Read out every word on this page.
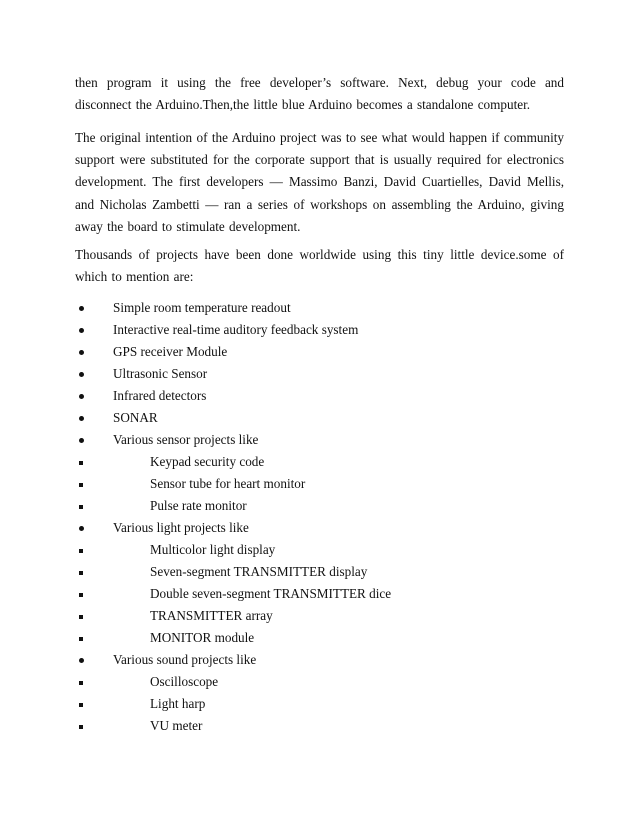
then program it using the free developer’s software. Next, debug your code and disconnect the Arduino.Then,the little blue Arduino becomes a standalone computer.

The original intention of the Arduino project was to see what would happen if community support were substituted for the corporate support that is usually required for electronics development. The first developers — Massimo Banzi, David Cuartielles, David Mellis, and Nicholas Zambetti — ran a series of workshops on assembling the Arduino, giving away the board to stimulate development.

Thousands of projects have been done worldwide using this tiny little device.some of which to mention are:

Simple room temperature readout
Interactive real-time auditory feedback system
GPS receiver Module
Ultrasonic Sensor
Infrared detectors
SONAR
Various sensor projects like
Keypad security code
Sensor tube for heart monitor
Pulse rate monitor
Various light projects like
Multicolor light display
Seven-segment TRANSMITTER display
Double seven-segment TRANSMITTER dice
TRANSMITTER array
MONITOR module
Various sound projects like
Oscilloscope
Light harp
VU meter
